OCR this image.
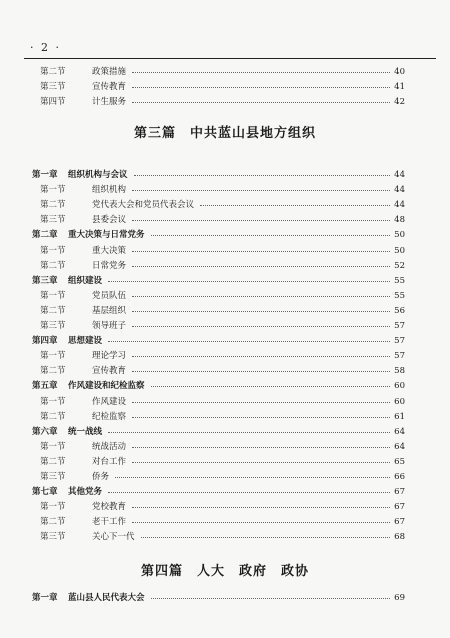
· 2 ·
第二节	政策措施	40
第三节	宣传教育	41
第四节	计生服务	42
第三篇　中共蓝山县地方组织
第一章 组织机构与会议	44
第一节	组织机构	44
第二节	党代表大会和党员代表会议	44
第三节	县委会议	48
第二章 重大决策与日常党务	50
第一节	重大决策	50
第二节	日常党务	52
第三章 组织建设	55
第一节	党员队伍	55
第二节	基层组织	56
第三节	领导班子	57
第四章 思想建设	57
第一节	理论学习	57
第二节	宣传教育	58
第五章 作风建设和纪检监察	60
第一节	作风建设	60
第二节	纪检监察	61
第六章 统一战线	64
第一节	统战活动	64
第二节	对台工作	65
第三节	侨务	66
第七章 其他党务	67
第一节	党校教育	67
第二节	老干工作	67
第三节	关心下一代	68
第四篇　人大　政府　政协
第一章 蓝山县人民代表大会	69
